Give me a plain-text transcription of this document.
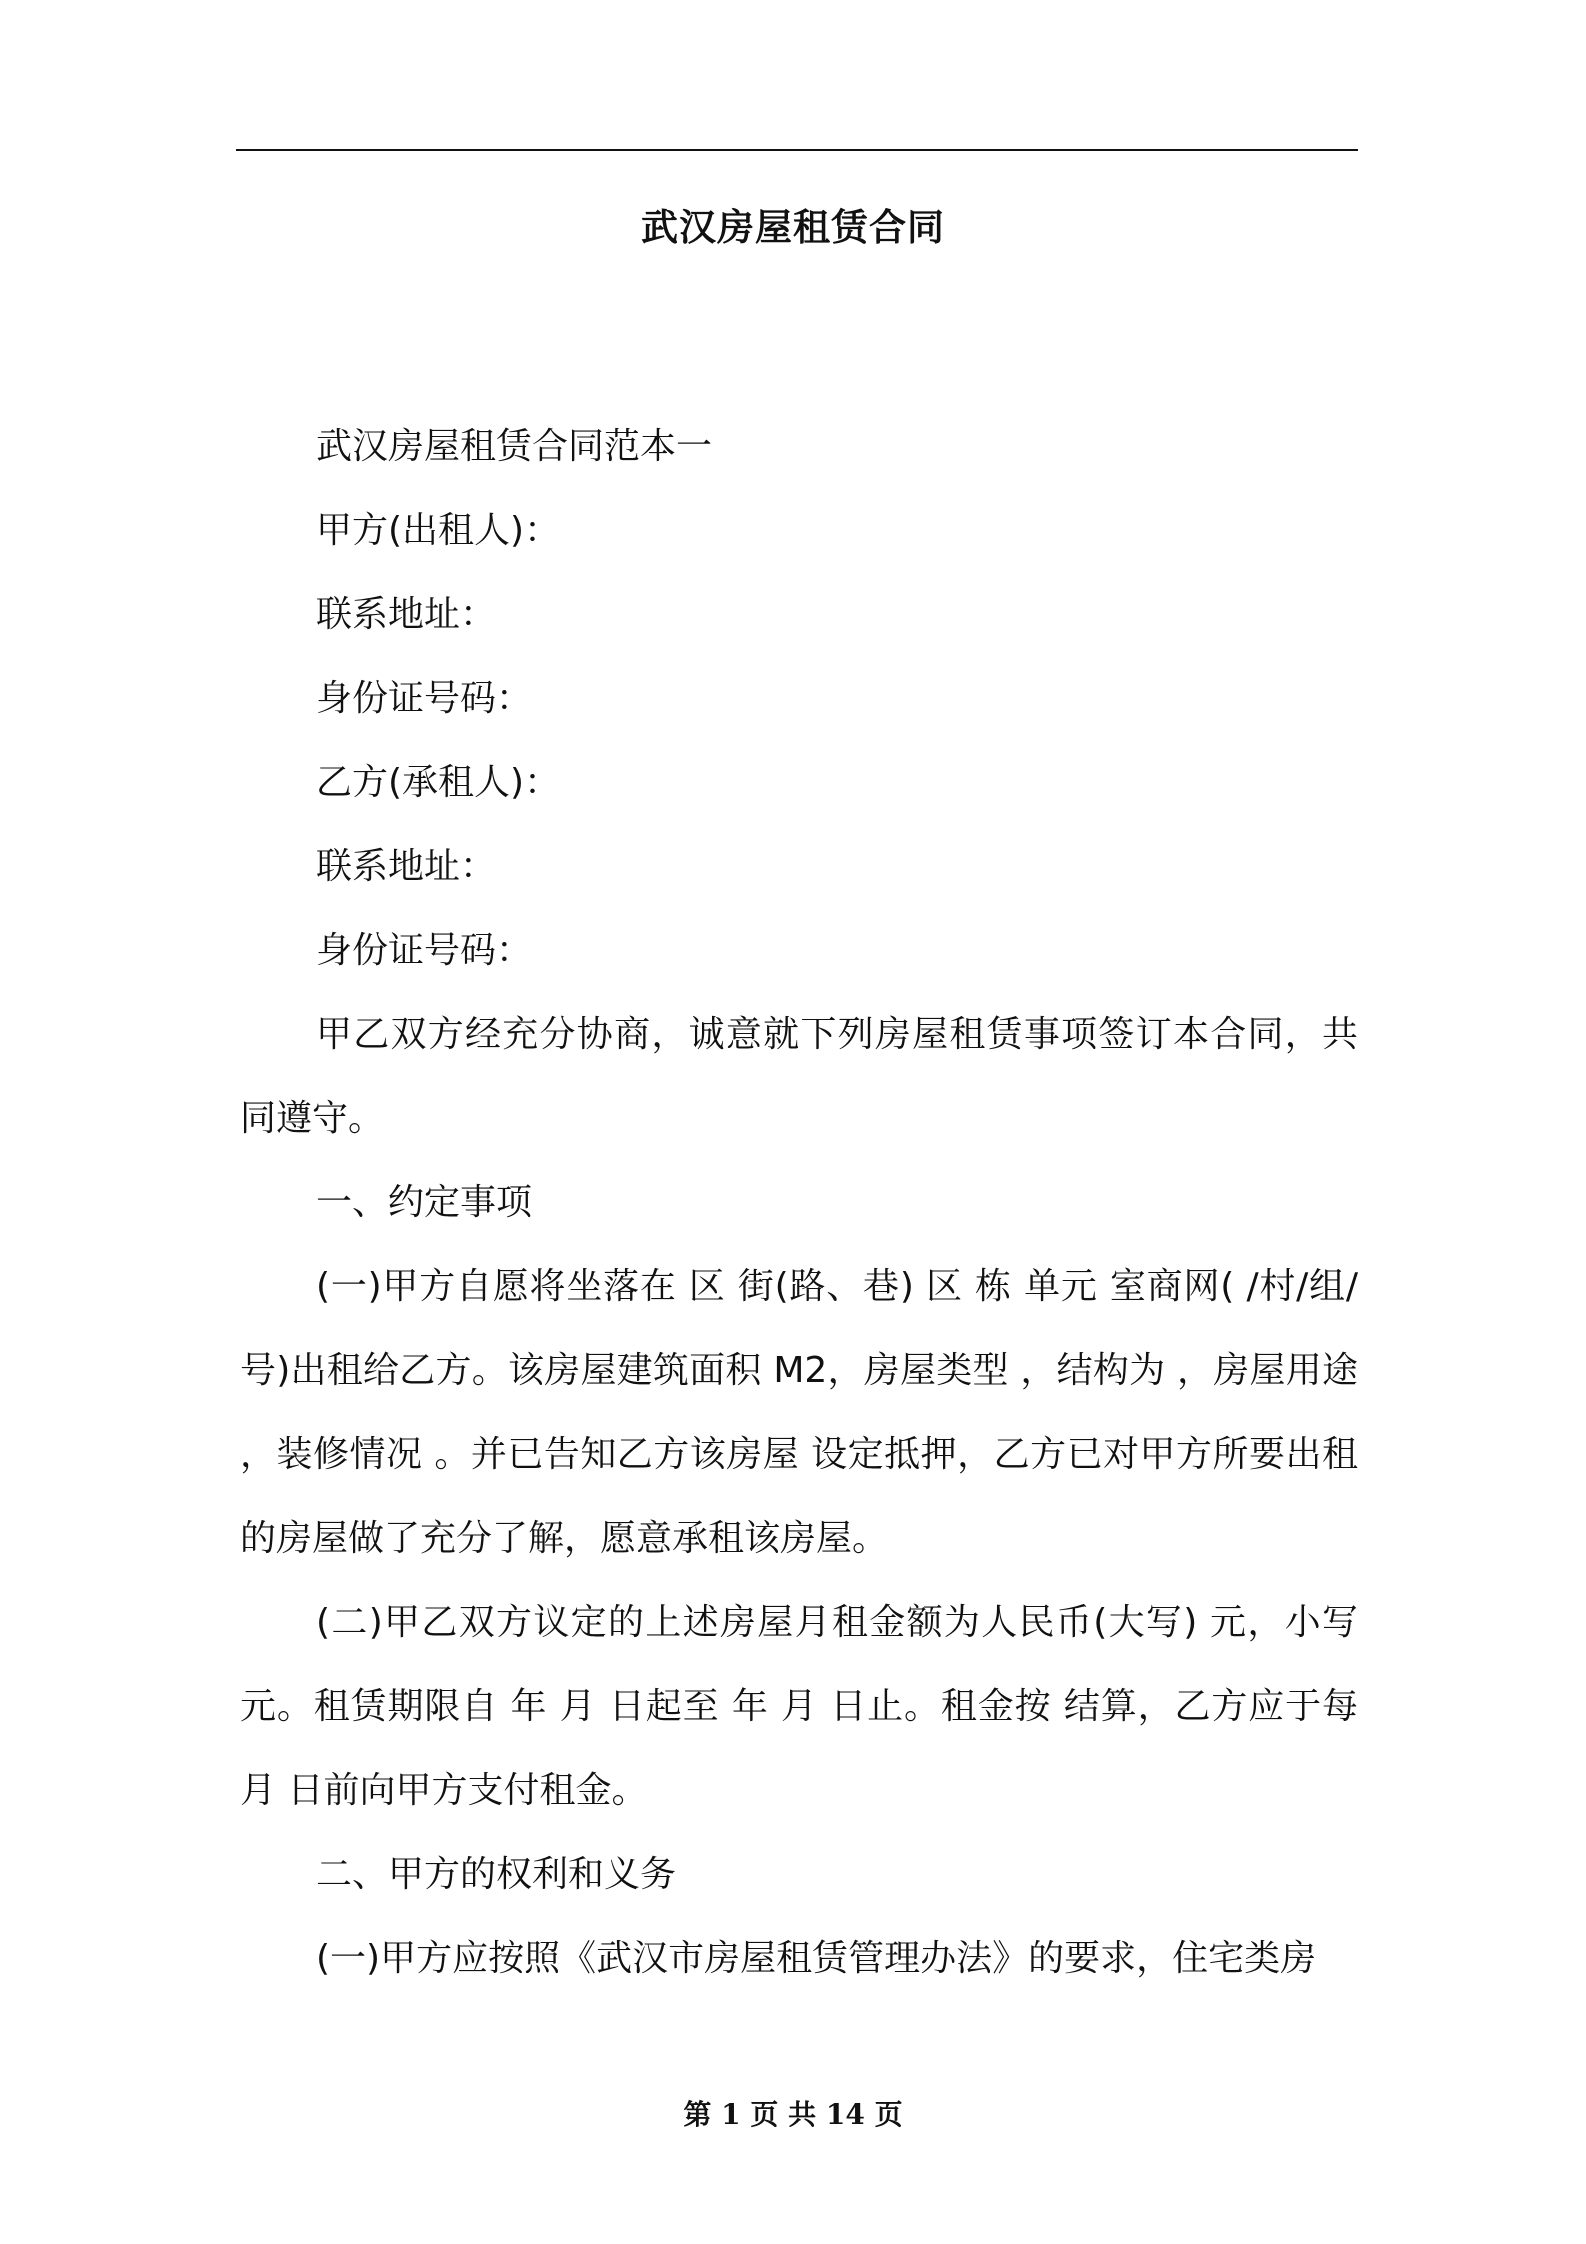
武汉房屋租赁合同

武汉房屋租赁合同范本一

甲方(出租人)：

联系地址：

身份证号码：

乙方(承租人)：

联系地址：

身份证号码：

甲乙双方经充分协商，诚意就下列房屋租赁事项签订本合同，共同遵守。

一、约定事项

(一)甲方自愿将坐落在 区 街(路、巷) 区 栋 单元 室商网( /村/组/号)出租给乙方。该房屋建筑面积 M2，房屋类型 ，结构为 ，房屋用途 ，装修情况 。并已告知乙方该房屋 设定抵押，乙方已对甲方所要出租的房屋做了充分了解，愿意承租该房屋。

(二)甲乙双方议定的上述房屋月租金额为人民币(大写) 元，小写 元。租赁期限自 年 月 日起至 年 月 日止。租金按 结算，乙方应于每月 日前向甲方支付租金。

二、甲方的权利和义务

(一)甲方应按照《武汉市房屋租赁管理办法》的要求，住宅类房

第 1 页 共 14 页
